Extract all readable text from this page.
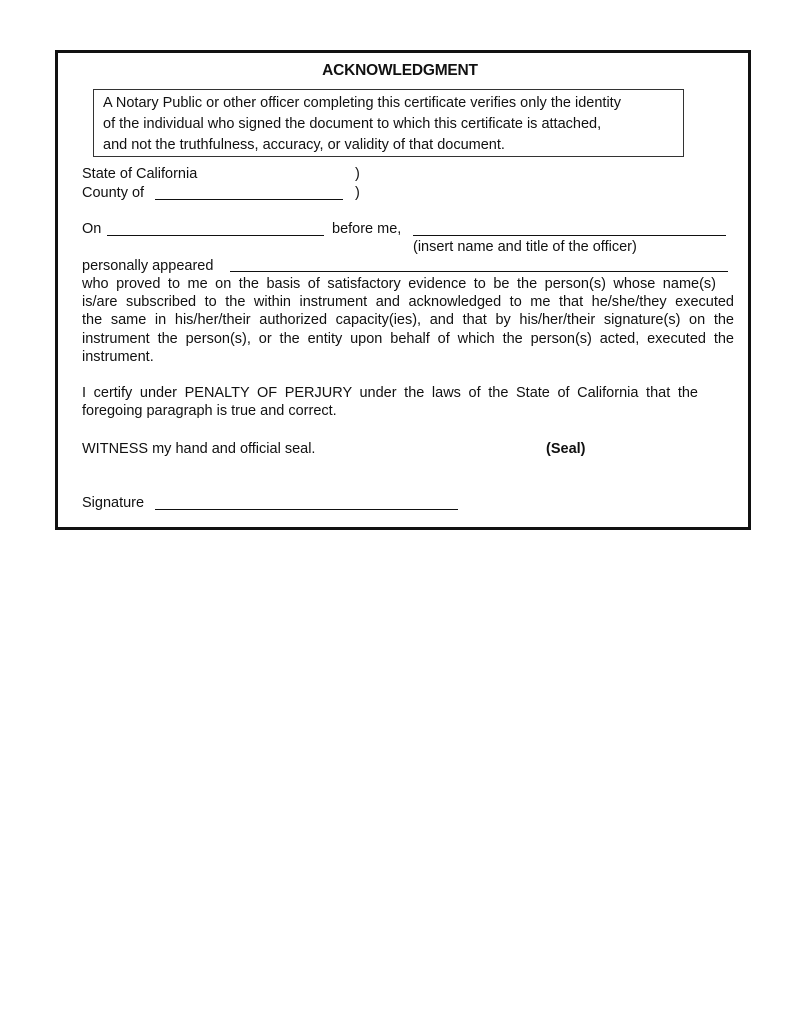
ACKNOWLEDGMENT
A Notary Public or other officer completing this certificate verifies only the identity
of the individual who signed the document to which this certificate is attached,
and not the truthfulness, accuracy, or validity of that document.
State of California	)
County of	)
On	before me,
(insert name and title of the officer)
personally appeared
who proved to me on the basis of satisfactory evidence to be the person(s) whose name(s)
is/are subscribed to the within instrument and acknowledged to me that he/she/they executed
the same in his/her/their authorized capacity(ies), and that by his/her/their signature(s) on the
instrument the person(s), or the entity upon behalf of which the person(s) acted, executed the
instrument.
I certify under PENALTY OF PERJURY under the laws of the State of California that the
foregoing paragraph is true and correct.
WITNESS my hand and official seal.	(Seal)
Signature
